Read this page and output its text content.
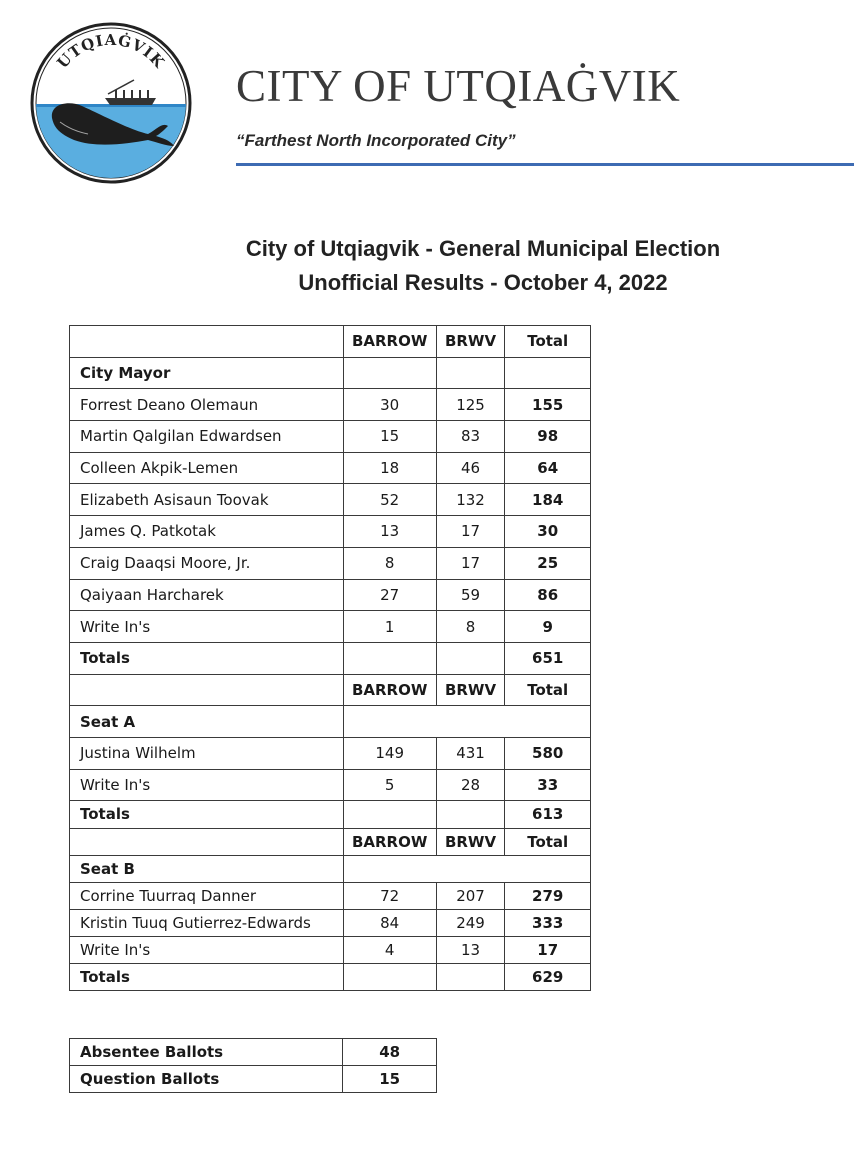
UTQIAĠVIK
CITY OF UTQIAĠVIK
“Farthest North Incorporated City”
City of Utqiagvik - General Municipal Election
Unofficial Results - October 4, 2022
	BARROW	BRWV	Total
City Mayor			
Forrest Deano Olemaun	30	125	155
Martin Qalgilan Edwardsen	15	83	98
Colleen Akpik-Lemen	18	46	64
Elizabeth Asisaun Toovak	52	132	184
James Q. Patkotak	13	17	30
Craig Daaqsi Moore, Jr.	8	17	25
Qaiyaan Harcharek	27	59	86
Write In's	1	8	9
Totals			651
	BARROW	BRWV	Total
Seat A			
Justina Wilhelm	149	431	580
Write In's	5	28	33
Totals			613
	BARROW	BRWV	Total
Seat B			
Corrine Tuurraq Danner	72	207	279
Kristin Tuuq Gutierrez-Edwards	84	249	333
Write In's	4	13	17
Totals			629
Absentee Ballots	48
Question Ballots	15
